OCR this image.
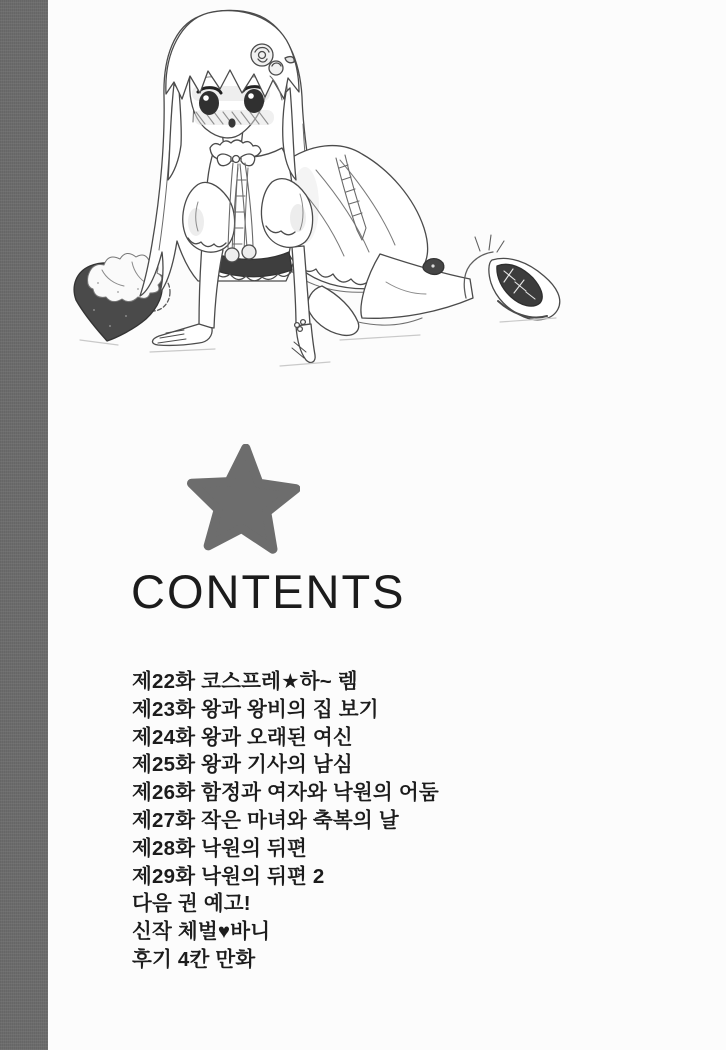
CONTENTS
제22화 코스프레★하~ 렘
제23화 왕과 왕비의 집 보기
제24화 왕과 오래된 여신
제25화 왕과 기사의 남심
제26화 함정과 여자와 낙원의 어둠
제27화 작은 마녀와 축복의 날
제28화 낙원의 뒤편
제29화 낙원의 뒤편 2
다음 권 예고!
신작 체벌♥바니
후기 4칸 만화
